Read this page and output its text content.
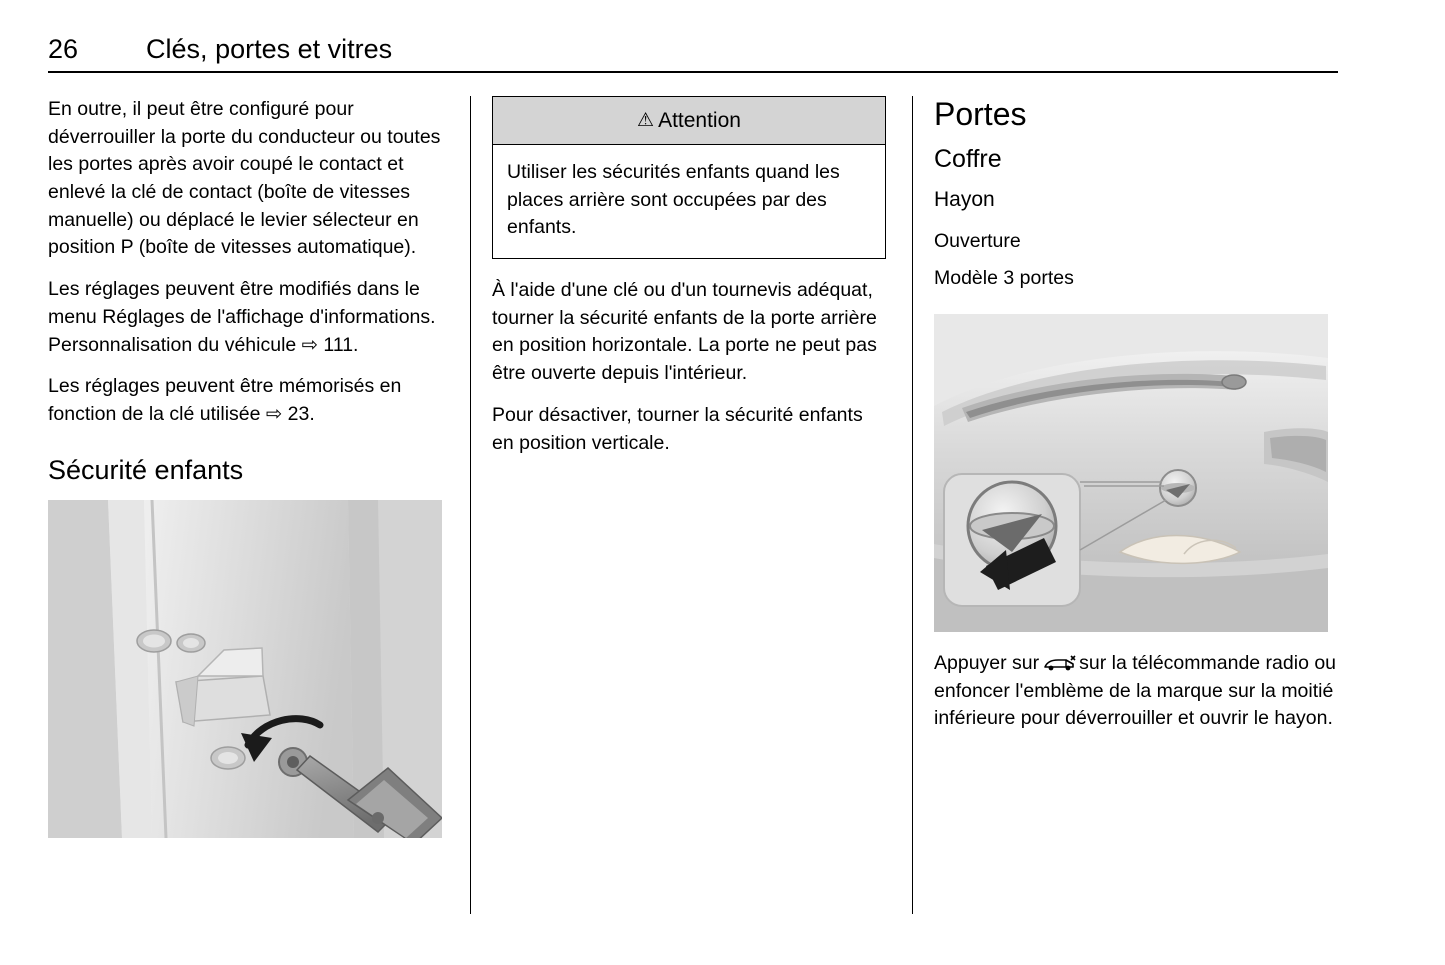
26	Clés, portes et vitres

En outre, il peut être configuré pour déverrouiller la porte du conducteur ou toutes les portes après avoir coupé le contact et enlevé la clé de contact (boîte de vitesses manuelle) ou déplacé le levier sélecteur en position P (boîte de vitesses automatique).

Les réglages peuvent être modifiés dans le menu Réglages de l'affichage d'informations. Personnalisation du véhicule ⇨ 111.

Les réglages peuvent être mémorisés en fonction de la clé utilisée ⇨ 23.

Sécurité enfants
⚠ Attention
Utiliser les sécurités enfants quand les places arrière sont occupées par des enfants.

À l'aide d'une clé ou d'un tournevis adéquat, tourner la sécurité enfants de la porte arrière en position horizontale. La porte ne peut pas être ouverte depuis l'intérieur.

Pour désactiver, tourner la sécurité enfants en position verticale.

Portes
Coffre
Hayon
Ouverture
Modèle 3 portes

Appuyer sur sur la télécommande radio ou enfoncer l'emblème de la marque sur la moitié inférieure pour déverrouiller et ouvrir le hayon.
